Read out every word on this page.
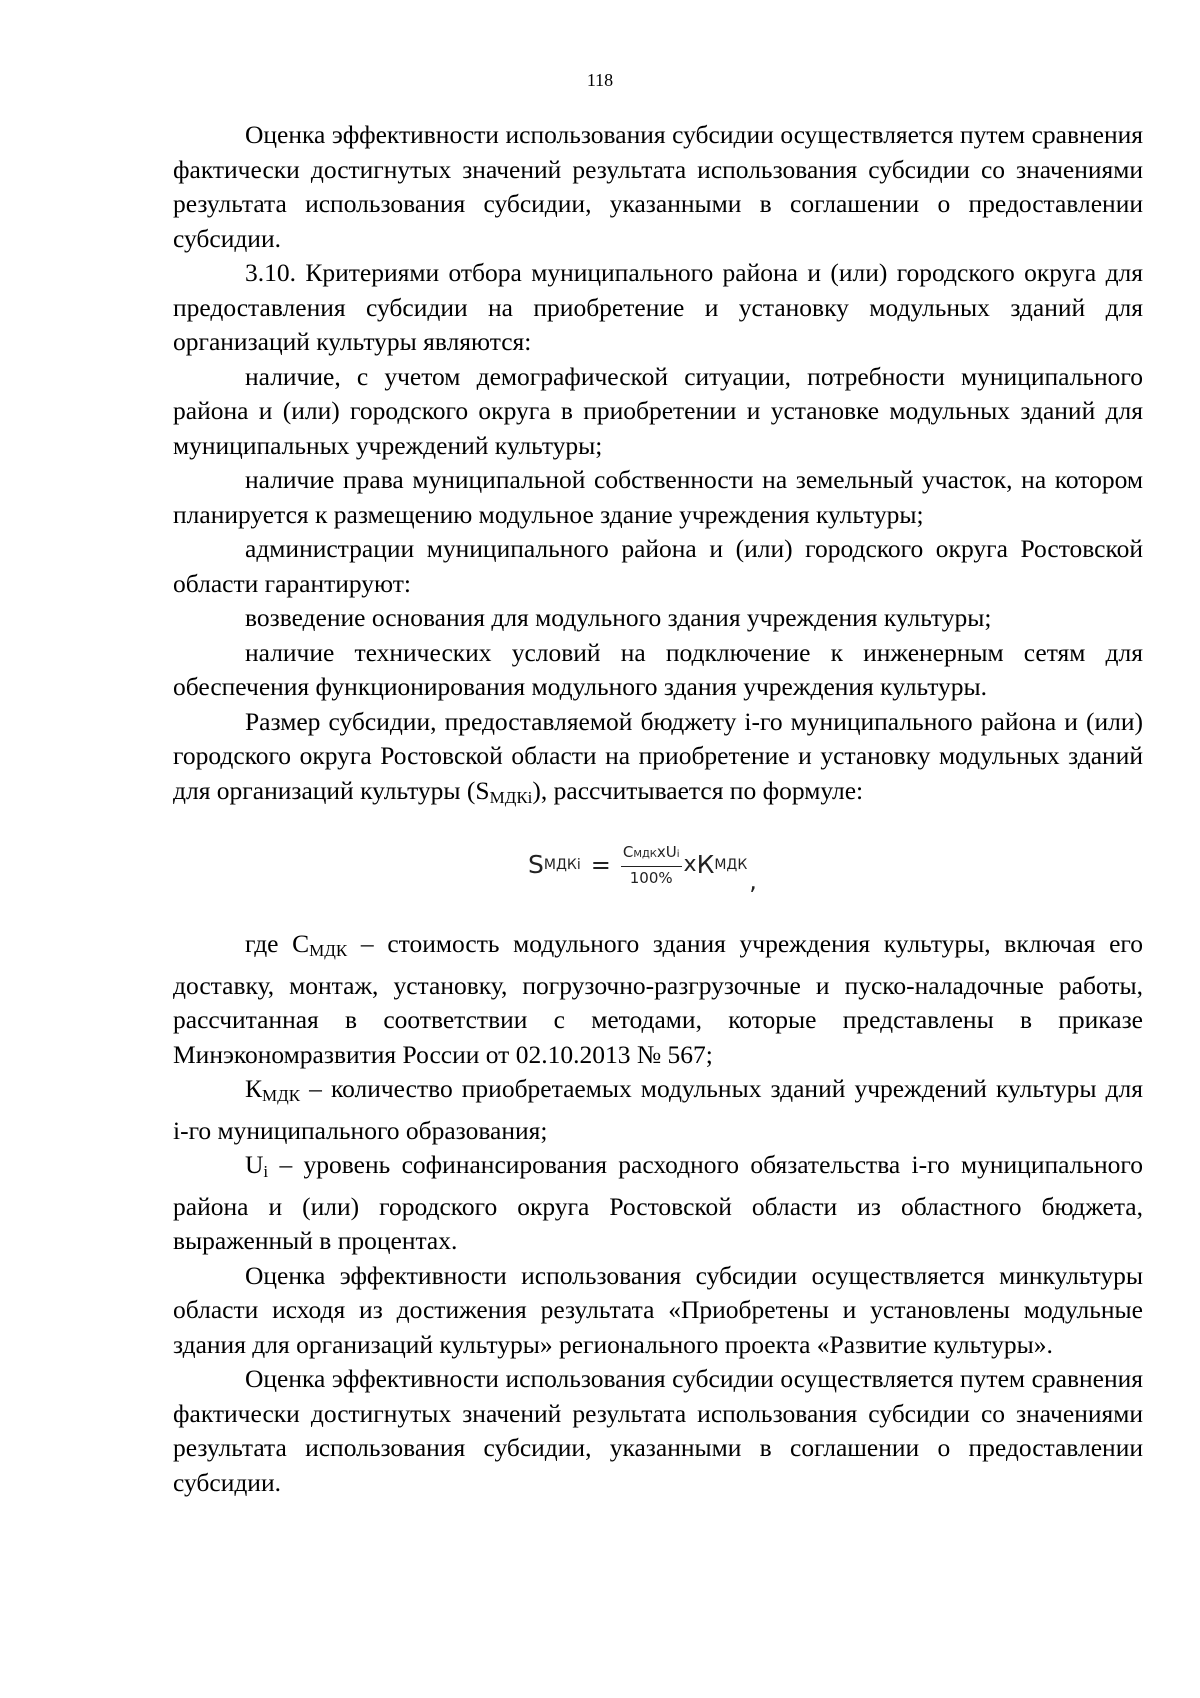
118

Оценка эффективности использования субсидии осуществляется путем сравнения фактически достигнутых значений результата использования субсидии со значениями результата использования субсидии, указанными в соглашении о предоставлении субсидии.

3.10. Критериями отбора муниципального района и (или) городского округа для предоставления субсидии на приобретение и установку модульных зданий для организаций культуры являются:

наличие, с учетом демографической ситуации, потребности муниципального района и (или) городского округа в приобретении и установке модульных зданий для муниципальных учреждений культуры;

наличие права муниципальной собственности на земельный участок, на котором планируется к размещению модульное здание учреждения культуры;

администрации муниципального района и (или) городского округа Ростовской области гарантируют:

возведение основания для модульного здания учреждения культуры;

наличие технических условий на подключение к инженерным сетям для обеспечения функционирования модульного здания учреждения культуры.

Размер субсидии, предоставляемой бюджету i-го муниципального района и (или) городского округа Ростовской области на приобретение и установку модульных зданий для организаций культуры (SМДКi), рассчитывается по формуле:

S МДКi = $\frac{\text{СМДКxUi}}{100\%}$ x К МДК
,

где СМДК – стоимость модульного здания учреждения культуры, включая его доставку, монтаж, установку, погрузочно-разгрузочные и пуско-наладочные работы, рассчитанная в соответствии с методами, которые представлены в приказе Минэкономразвития России от 02.10.2013 № 567;

КМДК – количество приобретаемых модульных зданий учреждений культуры для i-го муниципального образования;

Ui – уровень софинансирования расходного обязательства i-го муниципального района и (или) городского округа Ростовской области из областного бюджета, выраженный в процентах.

Оценка эффективности использования субсидии осуществляется минкультуры области исходя из достижения результата «Приобретены и установлены модульные здания для организаций культуры» регионального проекта «Развитие культуры».

Оценка эффективности использования субсидии осуществляется путем сравнения фактически достигнутых значений результата использования субсидии со значениями результата использования субсидии, указанными в соглашении о предоставлении субсидии.
